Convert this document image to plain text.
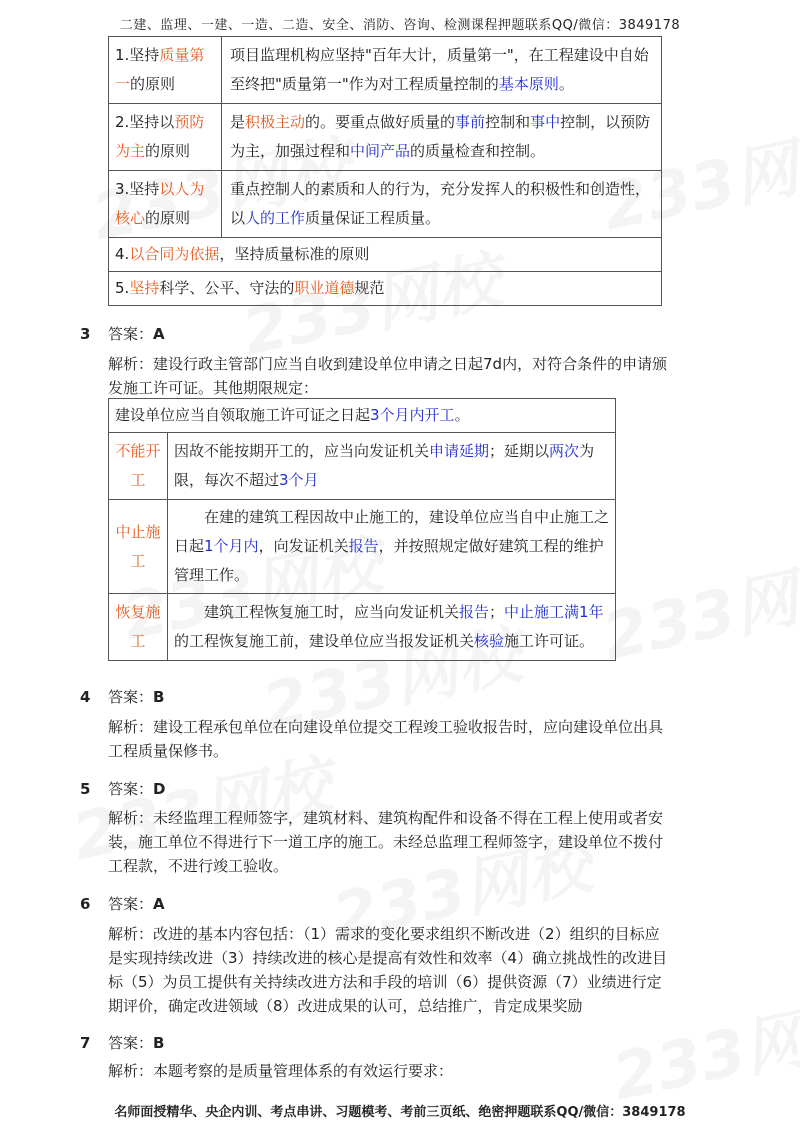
二建、监理、一建、一造、二造、安全、消防、咨询、检测课程押题联系QQ/微信：3849178
1.坚持质量第一的原则	项目监理机构应坚持"百年大计，质量第一"，在工程建设中自始至终把"质量第一"作为对工程质量控制的基本原则。
2.坚持以预防为主的原则	是积极主动的。要重点做好质量的事前控制和事中控制，以预防为主，加强过程和中间产品的质量检查和控制。
3.坚持以人为核心的原则	重点控制人的素质和人的行为，充分发挥人的积极性和创造性，以人的工作质量保证工程质量。
4.以合同为依据，坚持质量标准的原则	
5.坚持科学、公平、守法的职业道德规范	
3 答案：A
解析：建设行政主管部门应当自收到建设单位申请之日起7d内，对符合条件的申请颁发施工许可证。其他期限规定：
建设单位应当自领取施工许可证之日起3个月内开工。	
不能开工	因故不能按期开工的，应当向发证机关申请延期；延期以两次为限，每次不超过3个月
中止施工	在建的建筑工程因故中止施工的，建设单位应当自中止施工之日起1个月内，向发证机关报告，并按照规定做好建筑工程的维护管理工作。
恢复施工	建筑工程恢复施工时，应当向发证机关报告；中止施工满1年的工程恢复施工前，建设单位应当报发证机关核验施工许可证。
4 答案：B
解析：建设工程承包单位在向建设单位提交工程竣工验收报告时，应向建设单位出具工程质量保修书。
5 答案：D
解析：未经监理工程师签字，建筑材料、建筑构配件和设备不得在工程上使用或者安装，施工单位不得进行下一道工序的施工。未经总监理工程师签字，建设单位不拨付工程款，不进行竣工验收。
6 答案：A
解析：改进的基本内容包括：（1）需求的变化要求组织不断改进（2）组织的目标应是实现持续改进（3）持续改进的核心是提高有效性和效率（4）确立挑战性的改进目标（5）为员工提供有关持续改进方法和手段的培训（6）提供资源（7）业绩进行定期评价，确定改进领域（8）改进成果的认可，总结推广，肯定成果奖励
7 答案：B
解析：本题考察的是质量管理体系的有效运行要求：
名师面授精华、央企内训、考点串讲、习题模考、考前三页纸、绝密押题联系QQ/微信：3849178
